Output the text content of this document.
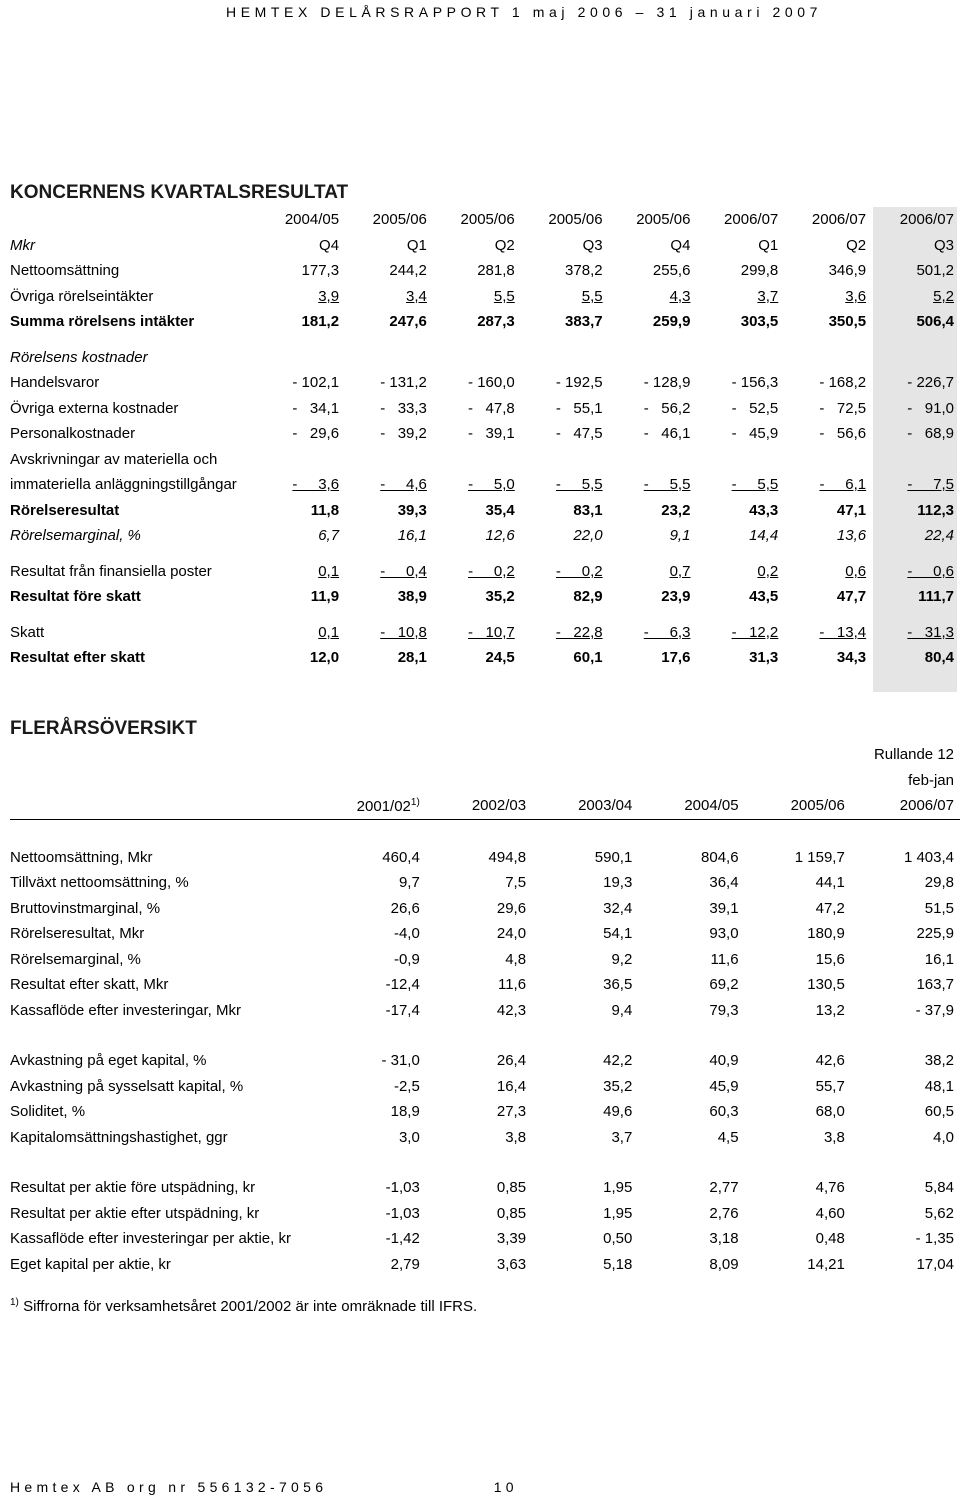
HEMTEX DELÅRSRAPPORT 1 maj 2006 – 31 januari 2007
KONCERNENS KVARTALSRESULTAT
	2004/05	2005/06	2005/06	2005/06	2005/06	2006/07	2006/07	2006/07
Mkr	Q4	Q1	Q2	Q3	Q4	Q1	Q2	Q3
Nettoomsättning	177,3	244,2	281,8	378,2	255,6	299,8	346,9	501,2
Övriga rörelseintäkter	3,9	3,4	5,5	5,5	4,3	3,7	3,6	5,2
Summa rörelsens intäkter	181,2	247,6	287,3	383,7	259,9	303,5	350,5	506,4

Rörelsens kostnader								
Handelsvaror	- 102,1	- 131,2	- 160,0	- 192,5	- 128,9	- 156,3	- 168,2	- 226,7
Övriga externa kostnader	-   34,1	-   33,3	-   47,8	-   55,1	-   56,2	-   52,5	-   72,5	-   91,0
Personalkostnader	-   29,6	-   39,2	-   39,1	-   47,5	-   46,1	-   45,9	-   56,6	-   68,9
Avskrivningar av materiella och								
immateriella anläggningstillgångar	-     3,6	-     4,6	-     5,0	-     5,5	-     5,5	-     5,5	-     6,1	-     7,5
Rörelseresultat	11,8	39,3	35,4	83,1	23,2	43,3	47,1	112,3
Rörelsemarginal, %	6,7	16,1	12,6	22,0	9,1	14,4	13,6	22,4

Resultat från finansiella poster	0,1	-     0,4	-     0,2	-     0,2	0,7	0,2	0,6	-     0,6
Resultat före skatt	11,9	38,9	35,2	82,9	23,9	43,5	47,7	111,7

Skatt	0,1	-   10,8	-   10,7	-   22,8	-     6,3	-   12,2	-   13,4	-   31,3
Resultat efter skatt	12,0	28,1	24,5	60,1	17,6	31,3	34,3	80,4
FLERÅRSÖVERSIKT
						Rullande 12
						feb-jan
	2001/02$^{1)}$	2002/03	2003/04	2004/05	2005/06	2006/07

Nettoomsättning, Mkr	460,4	494,8	590,1	804,6	1 159,7	1 403,4
Tillväxt nettoomsättning, %	9,7	7,5	19,3	36,4	44,1	29,8
Bruttovinstmarginal, %	26,6	29,6	32,4	39,1	47,2	51,5
Rörelseresultat, Mkr	-4,0	24,0	54,1	93,0	180,9	225,9
Rörelsemarginal, %	-0,9	4,8	9,2	11,6	15,6	16,1
Resultat efter skatt, Mkr	-12,4	11,6	36,5	69,2	130,5	163,7
Kassaflöde efter investeringar, Mkr	-17,4	42,3	9,4	79,3	13,2	- 37,9

Avkastning på eget kapital, %	- 31,0	26,4	42,2	40,9	42,6	38,2
Avkastning på sysselsatt kapital, %	-2,5	16,4	35,2	45,9	55,7	48,1
Soliditet, %	18,9	27,3	49,6	60,3	68,0	60,5
Kapitalomsättningshastighet, ggr	3,0	3,8	3,7	4,5	3,8	4,0

Resultat per aktie före utspädning, kr	-1,03	0,85	1,95	2,77	4,76	5,84
Resultat per aktie efter utspädning, kr	-1,03	0,85	1,95	2,76	4,60	5,62
Kassaflöde efter investeringar per aktie, kr	-1,42	3,39	0,50	3,18	0,48	- 1,35
Eget kapital per aktie, kr	2,79	3,63	5,18	8,09	14,21	17,04
$^{1)}$ Siffrorna för verksamhetsåret 2001/2002 är inte omräknade till IFRS.
Hemtex AB org nr 556132-7056	10
